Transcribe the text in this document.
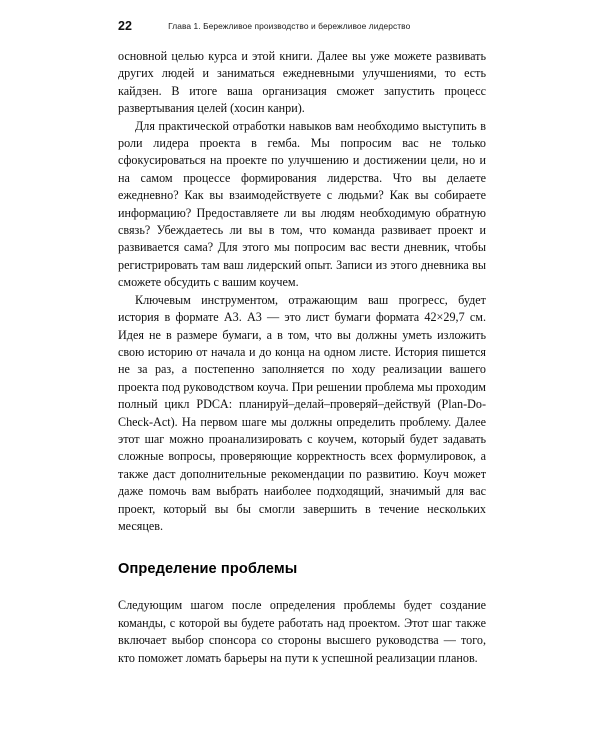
22	Глава 1. Бережливое производство и бережливое лидерство

основной целью курса и этой книги. Далее вы уже можете развивать других людей и заниматься ежедневными улучшениями, то есть кайдзен. В итоге ваша организация сможет запустить процесс развертывания целей (хосин канри).

Для практической отработки навыков вам необходимо выступить в роли лидера проекта в гемба. Мы попросим вас не только сфокусироваться на проекте по улучшению и достижении цели, но и на самом процессе формирования лидерства. Что вы делаете ежедневно? Как вы взаимодействуете с людьми? Как вы собираете информацию? Предоставляете ли вы людям необходимую обратную связь? Убеждаетесь ли вы в том, что команда развивает проект и развивается сама? Для этого мы попросим вас вести дневник, чтобы регистрировать там ваш лидерский опыт. Записи из этого дневника вы сможете обсудить с вашим коучем.

Ключевым инструментом, отражающим ваш прогресс, будет история в формате А3. А3 — это лист бумаги формата 42×29,7 см. Идея не в размере бумаги, а в том, что вы должны уметь изложить свою историю от начала и до конца на одном листе. История пишется не за раз, а постепенно заполняется по ходу реализации вашего проекта под руководством коуча. При решении проблема мы проходим полный цикл PDCA: планируй–делай–проверяй–действуй (Plan-Do-Check-Act). На первом шаге мы должны определить проблему. Далее этот шаг можно проанализировать с коучем, который будет задавать сложные вопросы, проверяющие корректность всех формулировок, а также даст дополнительные рекомендации по развитию. Коуч может даже помочь вам выбрать наиболее подходящий, значимый для вас проект, который вы бы смогли завершить в течение нескольких месяцев.

Определение проблемы

Следующим шагом после определения проблемы будет создание команды, с которой вы будете работать над проектом. Этот шаг также включает выбор спонсора со стороны высшего руководства — того, кто поможет ломать барьеры на пути к успешной реализации планов.
